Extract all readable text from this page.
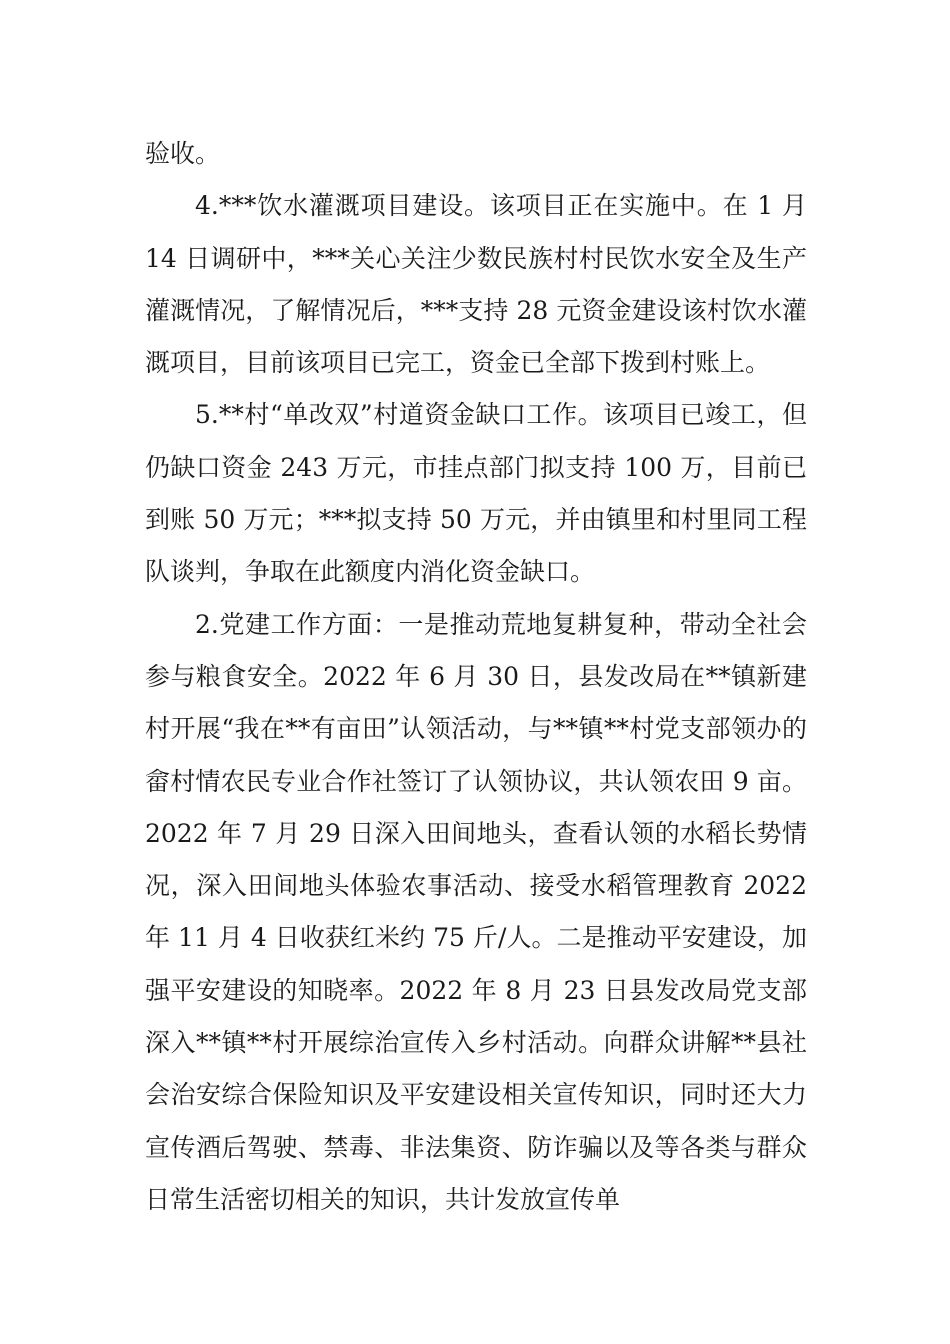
验收。

4.***饮水灌溉项目建设。该项目正在实施中。在 1 月 14 日调研中，***关心关注少数民族村村民饮水安全及生产灌溉情况，了解情况后，***支持 28 元资金建设该村饮水灌溉项目，目前该项目已完工，资金已全部下拨到村账上。

5.**村“单改双”村道资金缺口工作。该项目已竣工，但仍缺口资金 243 万元，市挂点部门拟支持 100 万，目前已到账 50 万元；***拟支持 50 万元，并由镇里和村里同工程队谈判，争取在此额度内消化资金缺口。

2.党建工作方面：一是推动荒地复耕复种，带动全社会参与粮食安全。2022 年 6 月 30 日，县发改局在**镇新建村开展“我在**有亩田”认领活动，与**镇**村党支部领办的畲村情农民专业合作社签订了认领协议，共认领农田 9 亩。2022 年 7 月 29 日深入田间地头，查看认领的水稻长势情况，深入田间地头体验农事活动、接受水稻管理教育 2022 年 11 月 4 日收获红米约 75 斤/人。二是推动平安建设，加强平安建设的知晓率。2022 年 8 月 23 日县发改局党支部深入**镇**村开展综治宣传入乡村活动。向群众讲解**县社会治安综合保险知识及平安建设相关宣传知识，同时还大力宣传酒后驾驶、禁毒、非法集资、防诈骗以及等各类与群众日常生活密切相关的知识，共计发放宣传单
